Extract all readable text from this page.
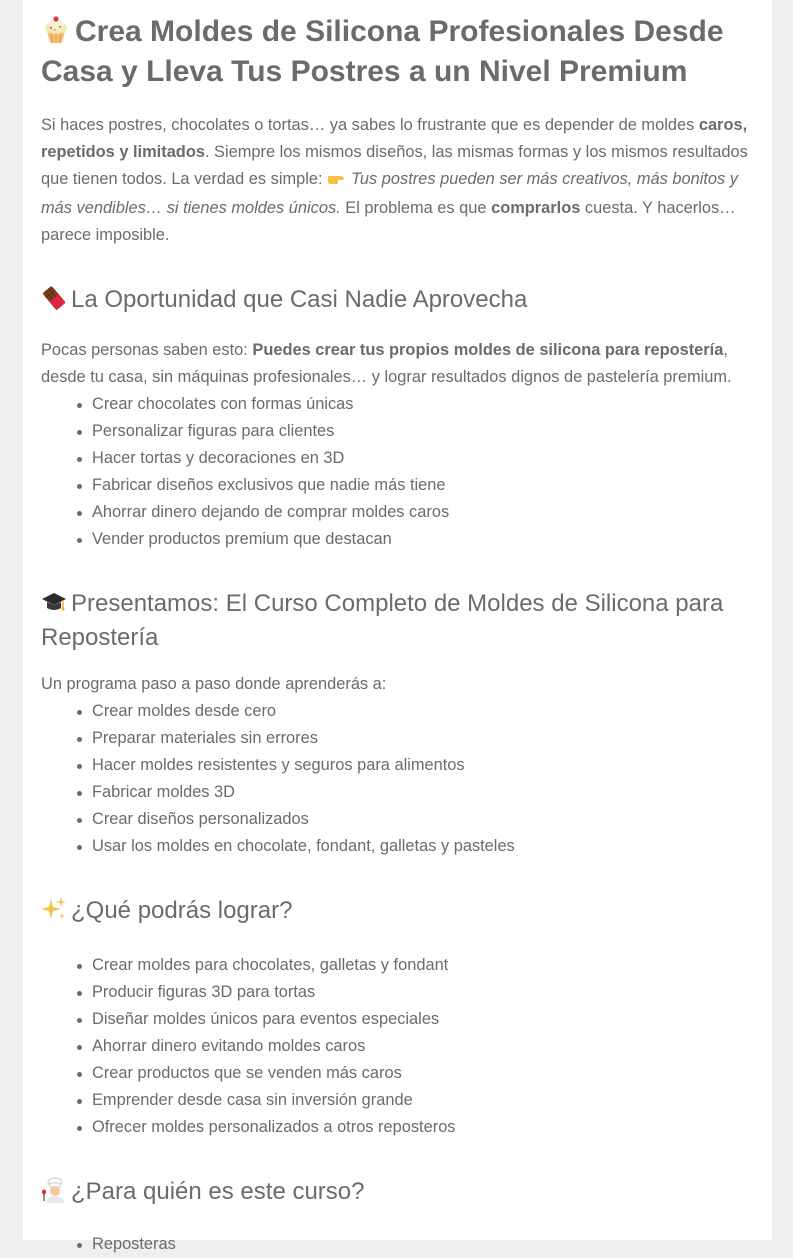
Crea Moldes de Silicona Profesionales Desde Casa y Lleva Tus Postres a un Nivel Premium

Si haces postres, chocolates o tortas… ya sabes lo frustrante que es depender de moldes caros, repetidos y limitados. Siempre los mismos diseños, las mismas formas y los mismos resultados que tienen todos. La verdad es simple: Tus postres pueden ser más creativos, más bonitos y más vendibles… si tienes moldes únicos. El problema es que comprarlos cuesta. Y hacerlos… parece imposible.

La Oportunidad que Casi Nadie Aprovecha

Pocas personas saben esto: Puedes crear tus propios moldes de silicona para repostería, desde tu casa, sin máquinas profesionales… y lograr resultados dignos de pastelería premium.

Crear chocolates con formas únicas
Personalizar figuras para clientes
Hacer tortas y decoraciones en 3D
Fabricar diseños exclusivos que nadie más tiene
Ahorrar dinero dejando de comprar moldes caros
Vender productos premium que destacan
Presentamos: El Curso Completo de Moldes de Silicona para Repostería

Un programa paso a paso donde aprenderás a:

Crear moldes desde cero
Preparar materiales sin errores
Hacer moldes resistentes y seguros para alimentos
Fabricar moldes 3D
Crear diseños personalizados
Usar los moldes en chocolate, fondant, galletas y pasteles
¿Qué podrás lograr?
Crear moldes para chocolates, galletas y fondant
Producir figuras 3D para tortas
Diseñar moldes únicos para eventos especiales
Ahorrar dinero evitando moldes caros
Crear productos que se venden más caros
Emprender desde casa sin inversión grande
Ofrecer moldes personalizados a otros reposteros
¿Para quién es este curso?
Reposteras
